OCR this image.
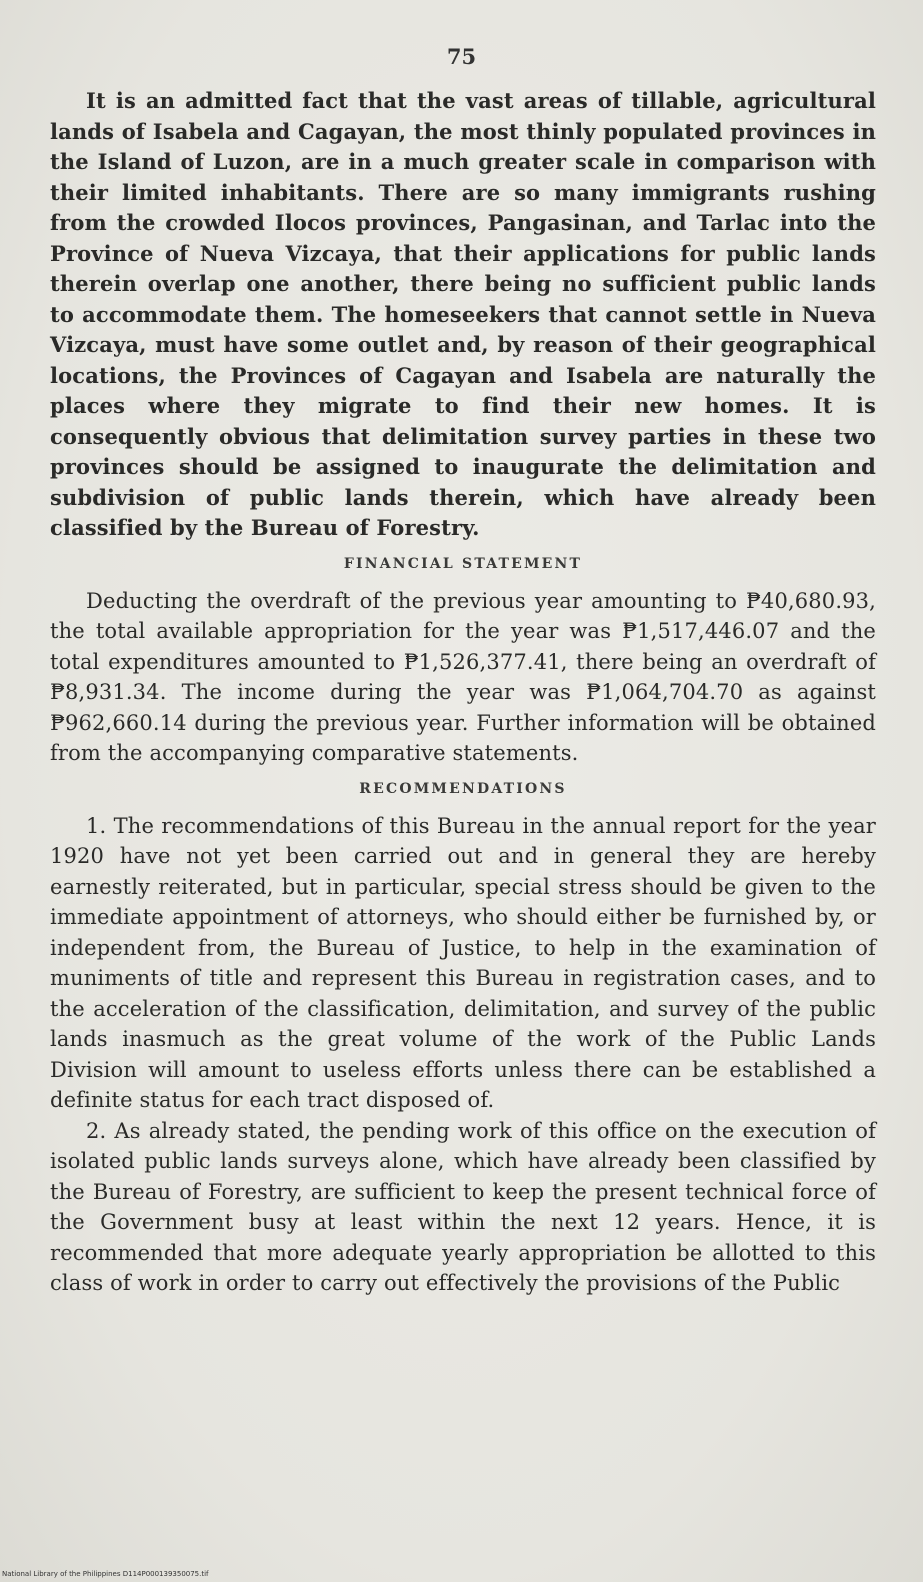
75

It is an admitted fact that the vast areas of tillable, agricultural lands of Isabela and Cagayan, the most thinly populated provinces in the Island of Luzon, are in a much greater scale in comparison with their limited inhabitants. There are so many immigrants rushing from the crowded Ilocos provinces, Pangasinan, and Tarlac into the Province of Nueva Vizcaya, that their applications for public lands therein overlap one another, there being no sufficient public lands to accommodate them. The homeseekers that cannot settle in Nueva Vizcaya, must have some outlet and, by reason of their geographical locations, the Provinces of Cagayan and Isabela are naturally the places where they migrate to find their new homes. It is consequently obvious that delimitation survey parties in these two provinces should be assigned to inaugurate the delimitation and subdivision of public lands therein, which have already been classified by the Bureau of Forestry.

FINANCIAL STATEMENT

Deducting the overdraft of the previous year amounting to ₱40,680.93, the total available appropriation for the year was ₱1,517,446.07 and the total expenditures amounted to ₱1,526,377.41, there being an overdraft of ₱8,931.34. The income during the year was ₱1,064,704.70 as against ₱962,660.14 during the previous year. Further information will be obtained from the accompanying comparative statements.

RECOMMENDATIONS

1. The recommendations of this Bureau in the annual report for the year 1920 have not yet been carried out and in general they are hereby earnestly reiterated, but in particular, special stress should be given to the immediate appointment of attorneys, who should either be furnished by, or independent from, the Bureau of Justice, to help in the examination of muniments of title and represent this Bureau in registration cases, and to the acceleration of the classification, delimitation, and survey of the public lands inasmuch as the great volume of the work of the Public Lands Division will amount to useless efforts unless there can be established a definite status for each tract disposed of.

2. As already stated, the pending work of this office on the execution of isolated public lands surveys alone, which have already been classified by the Bureau of Forestry, are sufficient to keep the present technical force of the Government busy at least within the next 12 years. Hence, it is recommended that more adequate yearly appropriation be allotted to this class of work in order to carry out effectively the provisions of the Public

National Library of the Philippines D114P000139350075.tif
